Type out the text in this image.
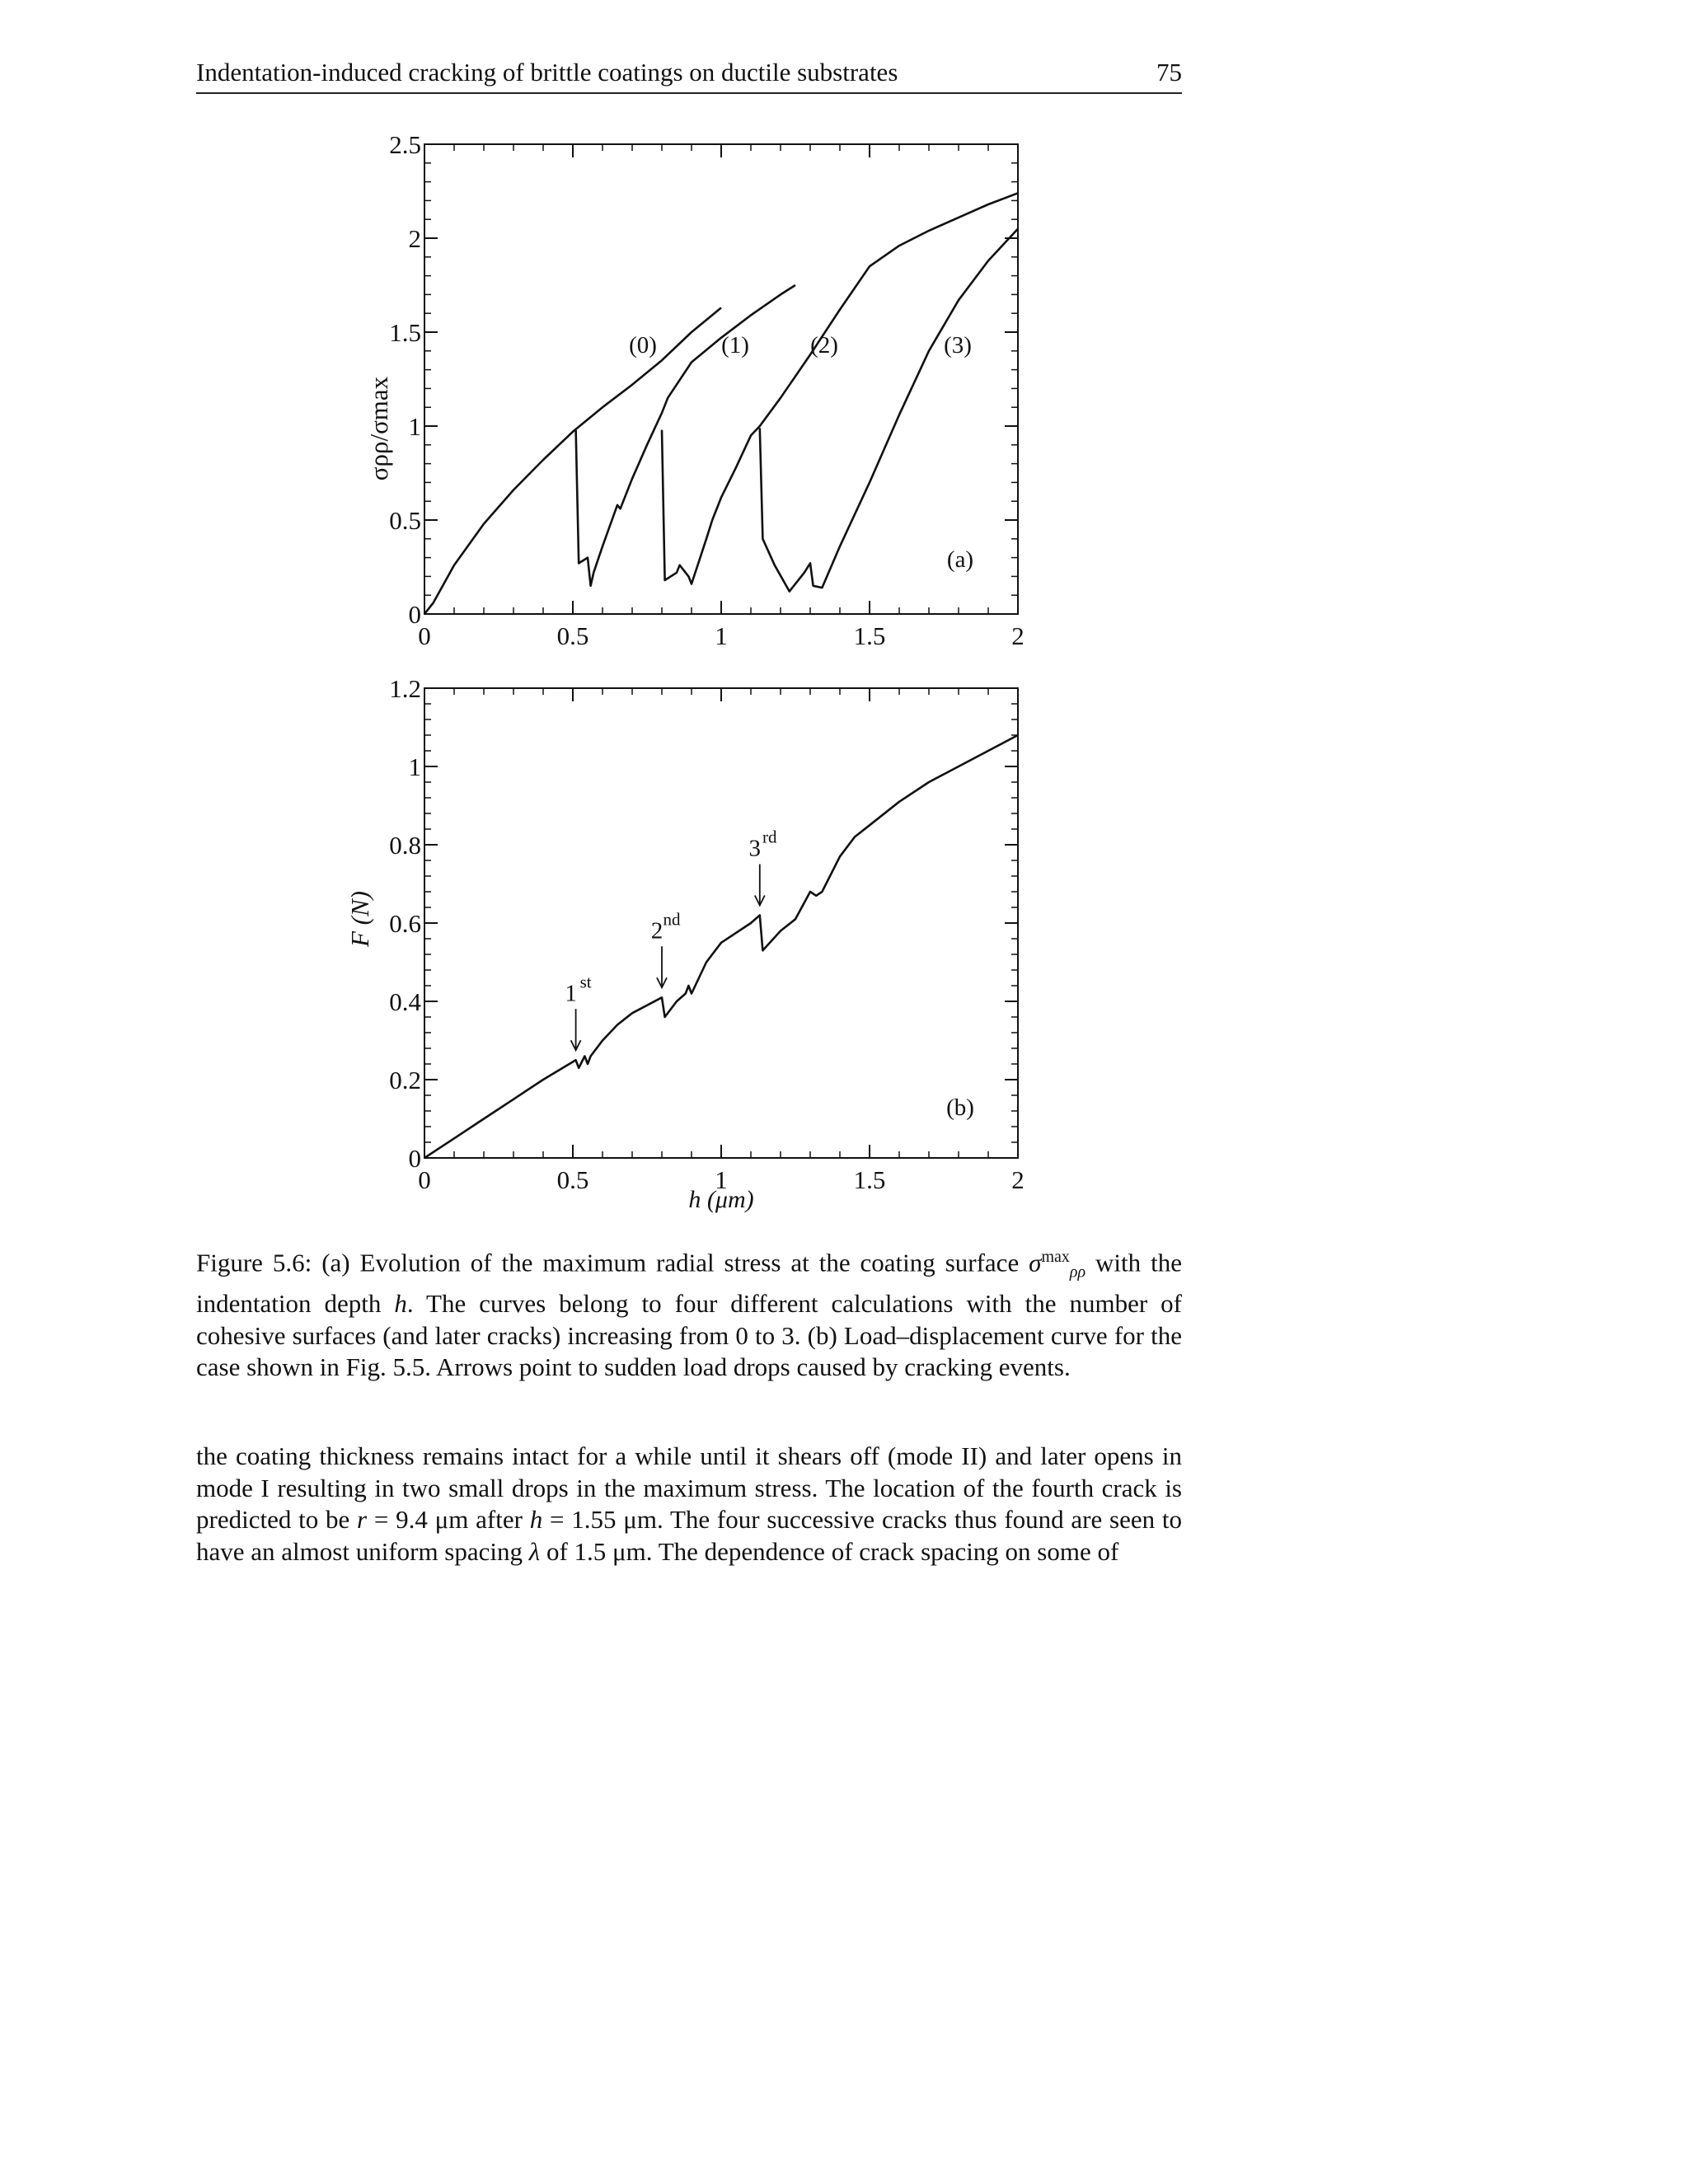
Indentation-induced cracking of brittle coatings on ductile substrates	75
(0)	(1)	(2)	(3)
0	0.5	1	1.5	2
0
0.5
1
1.5
2
2.5
σρρ/σmax
(a)
0	0.5	1	1.5	2
0
0.2
0.4
0.6
0.8
1
1.2
1 st
2 nd
3 rd
F (N)
h (μm)
(b)
Figure 5.6: (a) Evolution of the maximum radial stress at the coating surface $\sigma^{max}_{\rho\rho}$ with the indentation depth h. The curves belong to four different calculations with the number of cohesive surfaces (and later cracks) increasing from 0 to 3. (b) Load–displacement curve for the case shown in Fig. 5.5. Arrows point to sudden load drops caused by cracking events.
the coating thickness remains intact for a while until it shears off (mode II) and later opens in mode I resulting in two small drops in the maximum stress. The location of the fourth crack is predicted to be r = 9.4 μm after h = 1.55 μm. The four successive cracks thus found are seen to have an almost uniform spacing λ of 1.5 μm. The dependence of crack spacing on some of
